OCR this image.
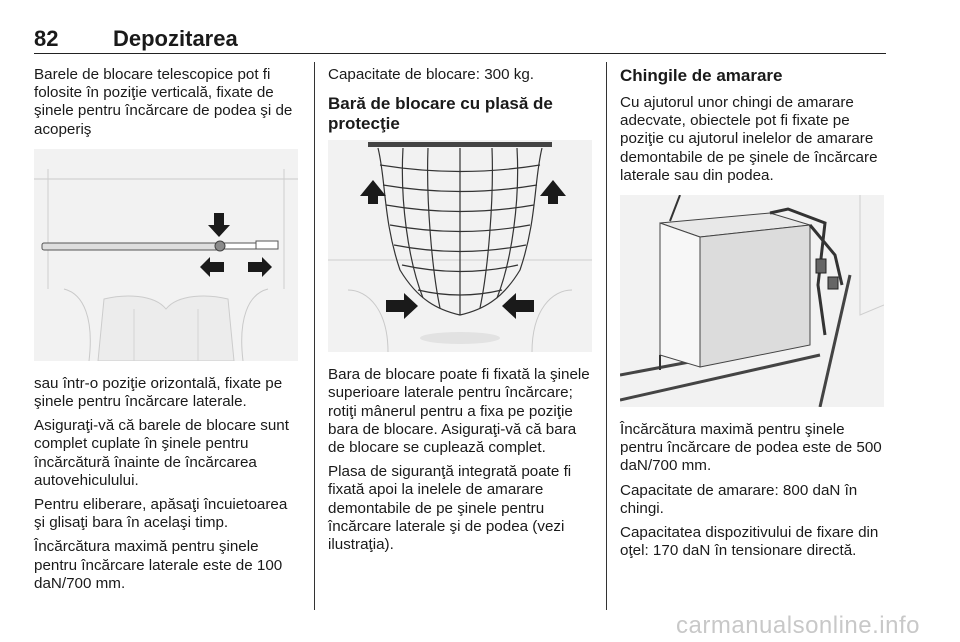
82 Depozitarea

Barele de blocare telescopice pot fi folosite în poziţie verticală, fixate de şinele pentru încărcare de podea şi de acoperiş

sau într-o poziţie orizontală, fixate pe şinele pentru încărcare laterale.

Asiguraţi-vă că barele de blocare sunt complet cuplate în şinele pentru încărcătură înainte de încărcarea autovehiculului.

Pentru eliberare, apăsaţi încuietoarea şi glisaţi bara în acelaşi timp.

Încărcătura maximă pentru şinele pentru încărcare laterale este de 100 daN/700 mm.

Capacitate de blocare: 300 kg.

Bară de blocare cu plasă de protecţie

Bara de blocare poate fi fixată la şinele superioare laterale pentru încărcare; rotiţi mânerul pentru a fixa pe poziţie bara de blocare. Asiguraţi-vă că bara de blocare se cuplează complet.

Plasa de siguranţă integrată poate fi fixată apoi la inelele de amarare demontabile de pe şinele pentru încărcare laterale şi de podea (vezi ilustraţia).

Chingile de amarare

Cu ajutorul unor chingi de amarare adecvate, obiectele pot fi fixate pe poziţie cu ajutorul inelelor de amarare demontabile de pe şinele de încărcare laterale sau din podea.

Încărcătura maximă pentru şinele pentru încărcare de podea este de 500 daN/700 mm.

Capacitate de amarare: 800 daN în chingi.

Capacitatea dispozitivului de fixare din oţel: 170 daN în tensionare directă.

carmanualsonline.info
